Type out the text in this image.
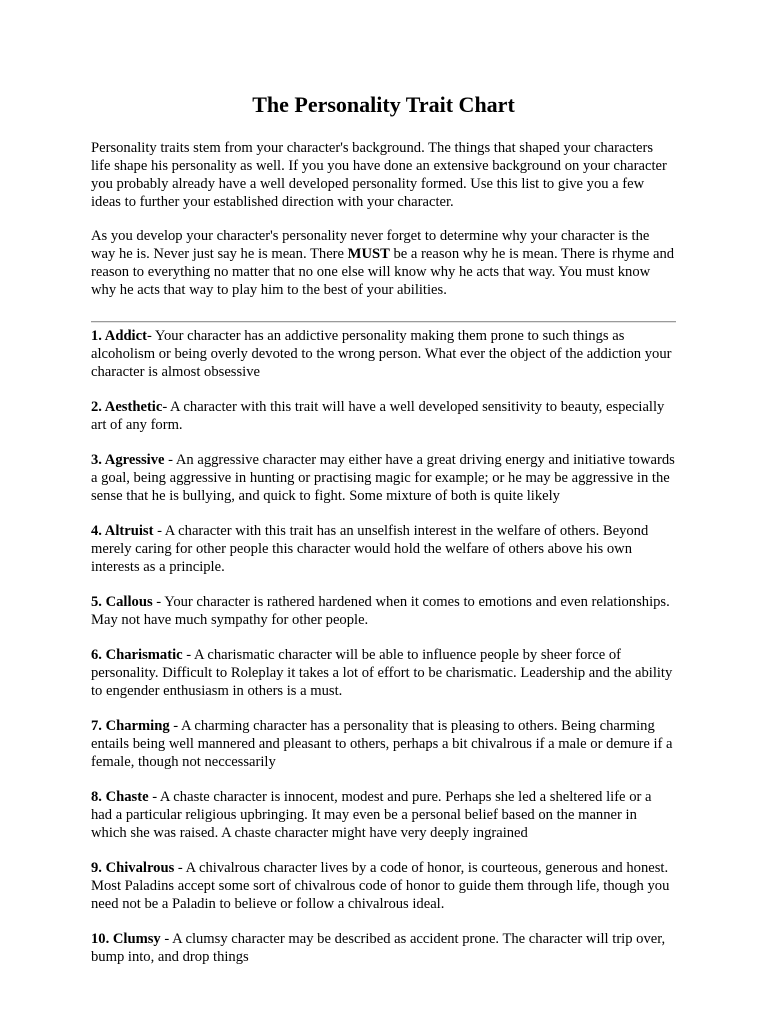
The Personality Trait Chart

Personality traits stem from your character's background. The things that shaped your characters life shape his personality as well. If you you have done an extensive background on your character you probably already have a well developed personality formed. Use this list to give you a few ideas to further your established direction with your character.

As you develop your character's personality never forget to determine why your character is the way he is. Never just say he is mean. There MUST be a reason why he is mean. There is rhyme and reason to everything no matter that no one else will know why he acts that way. You must know why he acts that way to play him to the best of your abilities.

1. Addict- Your character has an addictive personality making them prone to such things as alcoholism or being overly devoted to the wrong person. What ever the object of the addiction your character is almost obsessive

2. Aesthetic- A character with this trait will have a well developed sensitivity to beauty, especially art of any form.

3. Agressive - An aggressive character may either have a great driving energy and initiative towards a goal, being aggressive in hunting or practising magic for example; or he may be aggressive in the sense that he is bullying, and quick to fight. Some mixture of both is quite likely

4. Altruist - A character with this trait has an unselfish interest in the welfare of others. Beyond merely caring for other people this character would hold the welfare of others above his own interests as a principle.

5. Callous - Your character is rathered hardened when it comes to emotions and even relationships. May not have much sympathy for other people.

6. Charismatic - A charismatic character will be able to influence people by sheer force of personality. Difficult to Roleplay it takes a lot of effort to be charismatic. Leadership and the ability to engender enthusiasm in others is a must.

7. Charming - A charming character has a personality that is pleasing to others. Being charming entails being well mannered and pleasant to others, perhaps a bit chivalrous if a male or demure if a female, though not neccessarily

8. Chaste - A chaste character is innocent, modest and pure. Perhaps she led a sheltered life or a had a particular religious upbringing. It may even be a personal belief based on the manner in which she was raised. A chaste character might have very deeply ingrained

9. Chivalrous - A chivalrous character lives by a code of honor, is courteous, generous and honest. Most Paladins accept some sort of chivalrous code of honor to guide them through life, though you need not be a Paladin to believe or follow a chivalrous ideal.

10. Clumsy - A clumsy character may be described as accident prone. The character will trip over, bump into, and drop things
